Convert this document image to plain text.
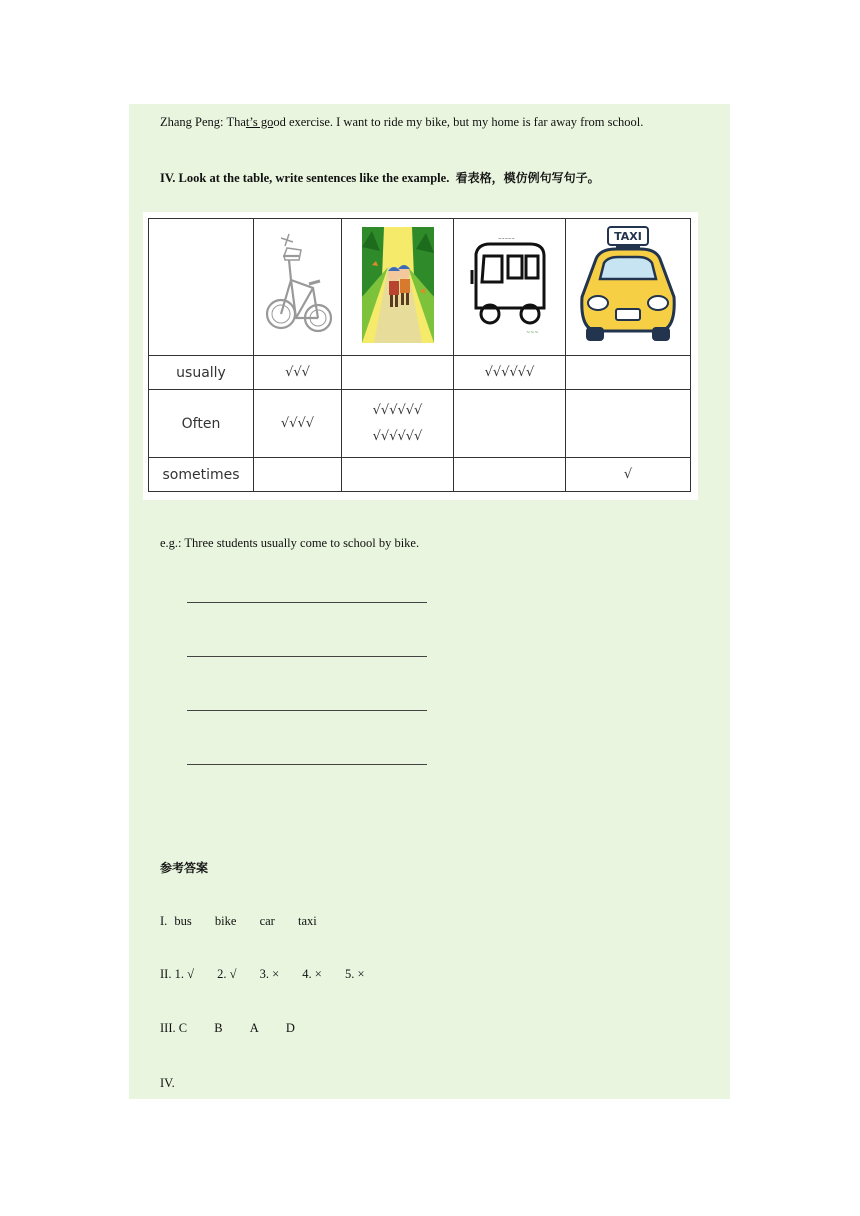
Zhang Peng: That’s good exercise. I want to ride my bike, but my home is far away from school.
IV. Look at the table, write sentences like the example. 看表格，模仿例句写句子。

~~~~~
~~~	TAXI

usually	√√√		√√√√√√	
Often	√√√√	√√√√√√
√√√√√√		
sometimes				√
e.g.: Three students usually come to school by bike.
参考答案
I. bus bike car taxi
II. 1. √ 2. √ 3. × 4. × 5. ×
III. C B A D
IV.
